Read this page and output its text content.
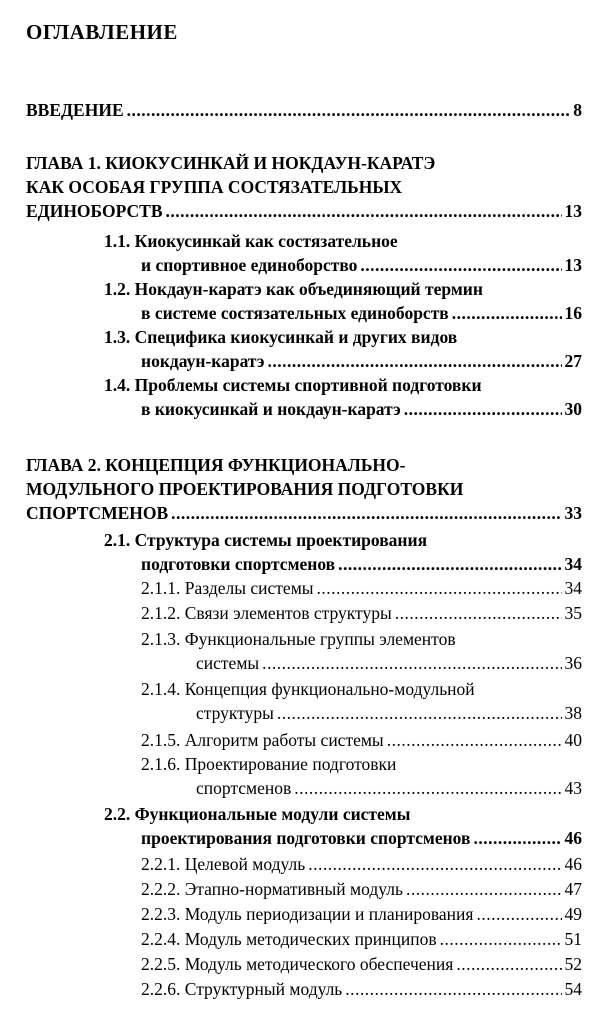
ОГЛАВЛЕНИЕ
ВВЕДЕНИЕ .....	8
ГЛАВА 1. КИОКУСИНКАЙ И НОКДАУН-КАРАТЭ
КАК ОСОБАЯ ГРУППА СОСТЯЗАТЕЛЬНЫХ
ЕДИНОБОРСТВ .....	13
1.1. Киокусинкай как состязательное
и спортивное единоборство .....	13
1.2. Нокдаун-каратэ как объединяющий термин
в системе состязательных единоборств .....	16
1.3. Специфика киокусинкай и других видов
нокдаун-каратэ .....	27
1.4. Проблемы системы спортивной подготовки
в киокусинкай и нокдаун-каратэ .....	30
ГЛАВА 2. КОНЦЕПЦИЯ ФУНКЦИОНАЛЬНО-
МОДУЛЬНОГО ПРОЕКТИРОВАНИЯ ПОДГОТОВКИ
СПОРТСМЕНОВ .....	33
2.1. Структура системы проектирования
подготовки спортсменов .....	34
2.1.1. Разделы системы .....	34
2.1.2. Связи элементов структуры .....	35
2.1.3. Функциональные группы элементов
системы .....	36
2.1.4. Концепция функционально-модульной
структуры .....	38
2.1.5. Алгоритм работы системы .....	40
2.1.6. Проектирование подготовки
спортсменов .....	43
2.2. Функциональные модули системы
проектирования подготовки спортсменов .....	46
2.2.1. Целевой модуль .....	46
2.2.2. Этапно-нормативный модуль .....	47
2.2.3. Модуль периодизации и планирования .....	49
2.2.4. Модуль методических принципов .....	51
2.2.5. Модуль методического обеспечения .....	52
2.2.6. Структурный модуль .....	54
